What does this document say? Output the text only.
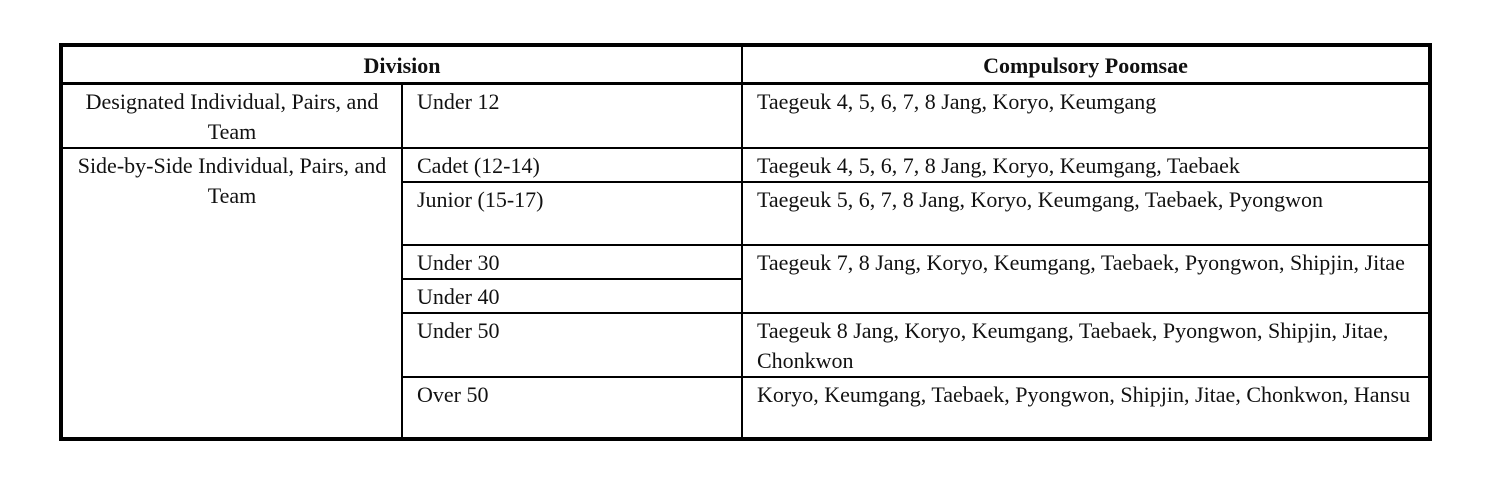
Division		Compulsory Poomsae
Designated Individual, Pairs, and Team	Under 12	Taegeuk 4, 5, 6, 7, 8 Jang, Koryo, Keumgang
Side-by-Side Individual, Pairs, and Team	Cadet (12-14)	Taegeuk 4, 5, 6, 7, 8 Jang, Koryo, Keumgang, Taebaek
	Junior (15-17)	Taegeuk 5, 6, 7, 8 Jang, Koryo, Keumgang, Taebaek, Pyongwon
	Under 30	Taegeuk 7, 8 Jang, Koryo, Keumgang, Taebaek, Pyongwon, Shipjin, Jitae
	Under 40	
	Under 50	Taegeuk 8 Jang, Koryo, Keumgang, Taebaek, Pyongwon, Shipjin, Jitae, Chonkwon
	Over 50	Koryo, Keumgang, Taebaek, Pyongwon, Shipjin, Jitae, Chonkwon, Hansu
